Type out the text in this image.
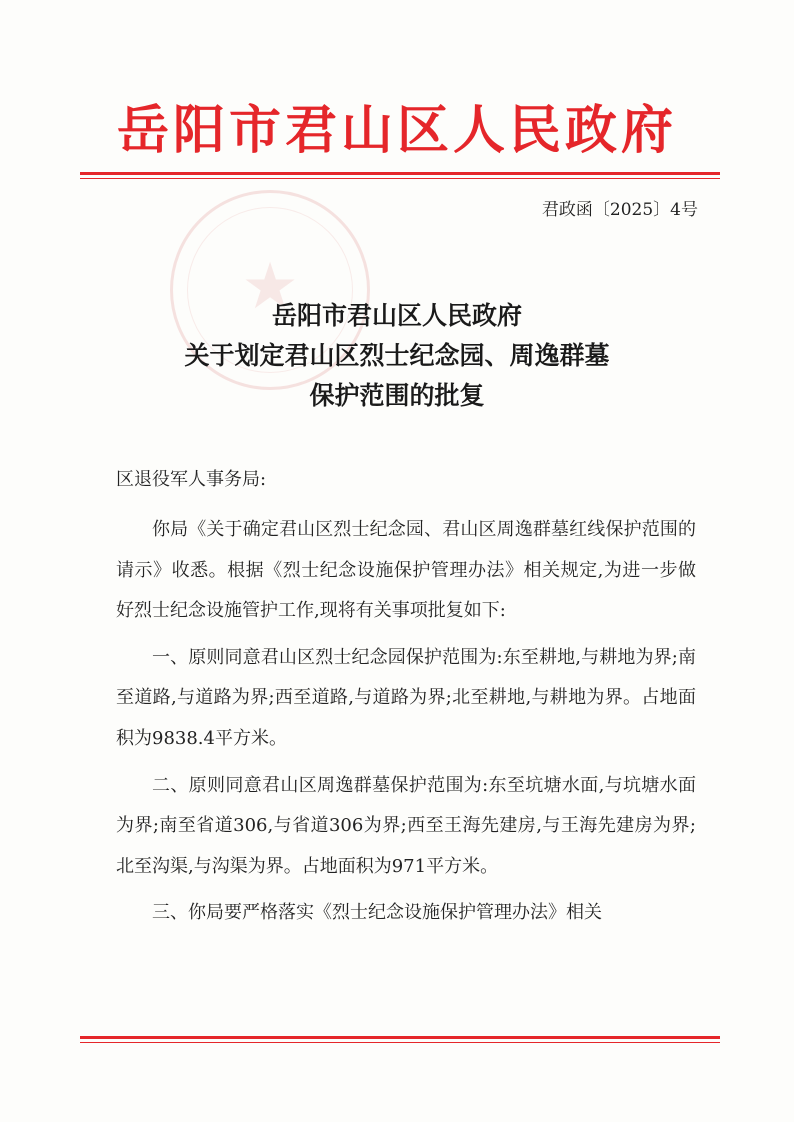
★
岳阳市君山区人民政府
君政函〔2025〕4号
岳阳市君山区人民政府
关于划定君山区烈士纪念园、周逸群墓
保护范围的批复
区退役军人事务局:

你局《关于确定君山区烈士纪念园、君山区周逸群墓红线保护范围的请示》收悉。根据《烈士纪念设施保护管理办法》相关规定,为进一步做好烈士纪念设施管护工作,现将有关事项批复如下:

一、原则同意君山区烈士纪念园保护范围为:东至耕地,与耕地为界;南至道路,与道路为界;西至道路,与道路为界;北至耕地,与耕地为界。占地面积为9838.4平方米。

二、原则同意君山区周逸群墓保护范围为:东至坑塘水面,与坑塘水面为界;南至省道306,与省道306为界;西至王海先建房,与王海先建房为界;北至沟渠,与沟渠为界。占地面积为971平方米。

三、你局要严格落实《烈士纪念设施保护管理办法》相关
